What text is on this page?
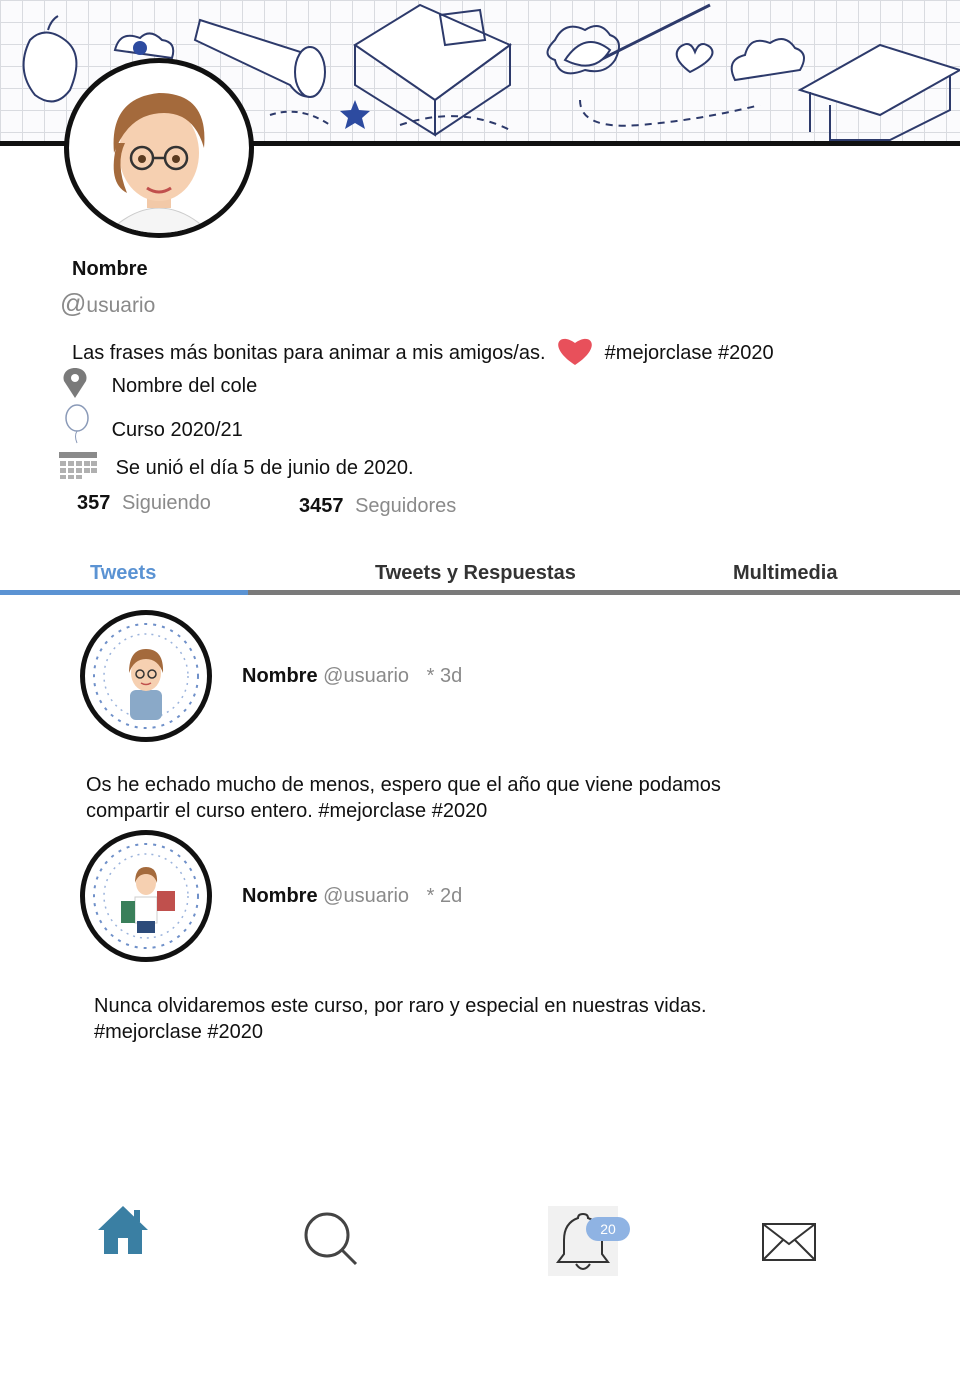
Nombre
@usuario
Las frases más bonitas para animar a mis amigos/as.	#mejorclase #2020
Nombre del cole
Curso 2020/21
Se unió el día 5 de junio de 2020.
357 Siguiendo	3457 Seguidores
Tweets	Tweets y Respuestas	Multimedia
Nombre @usuario * 3d
Os he echado mucho de menos, espero que el año que viene podamos
compartir el curso entero. #mejorclase #2020
Nombre @usuario * 2d
Nunca olvidaremos este curso, por raro y especial en nuestras vidas.
#mejorclase #2020
20
